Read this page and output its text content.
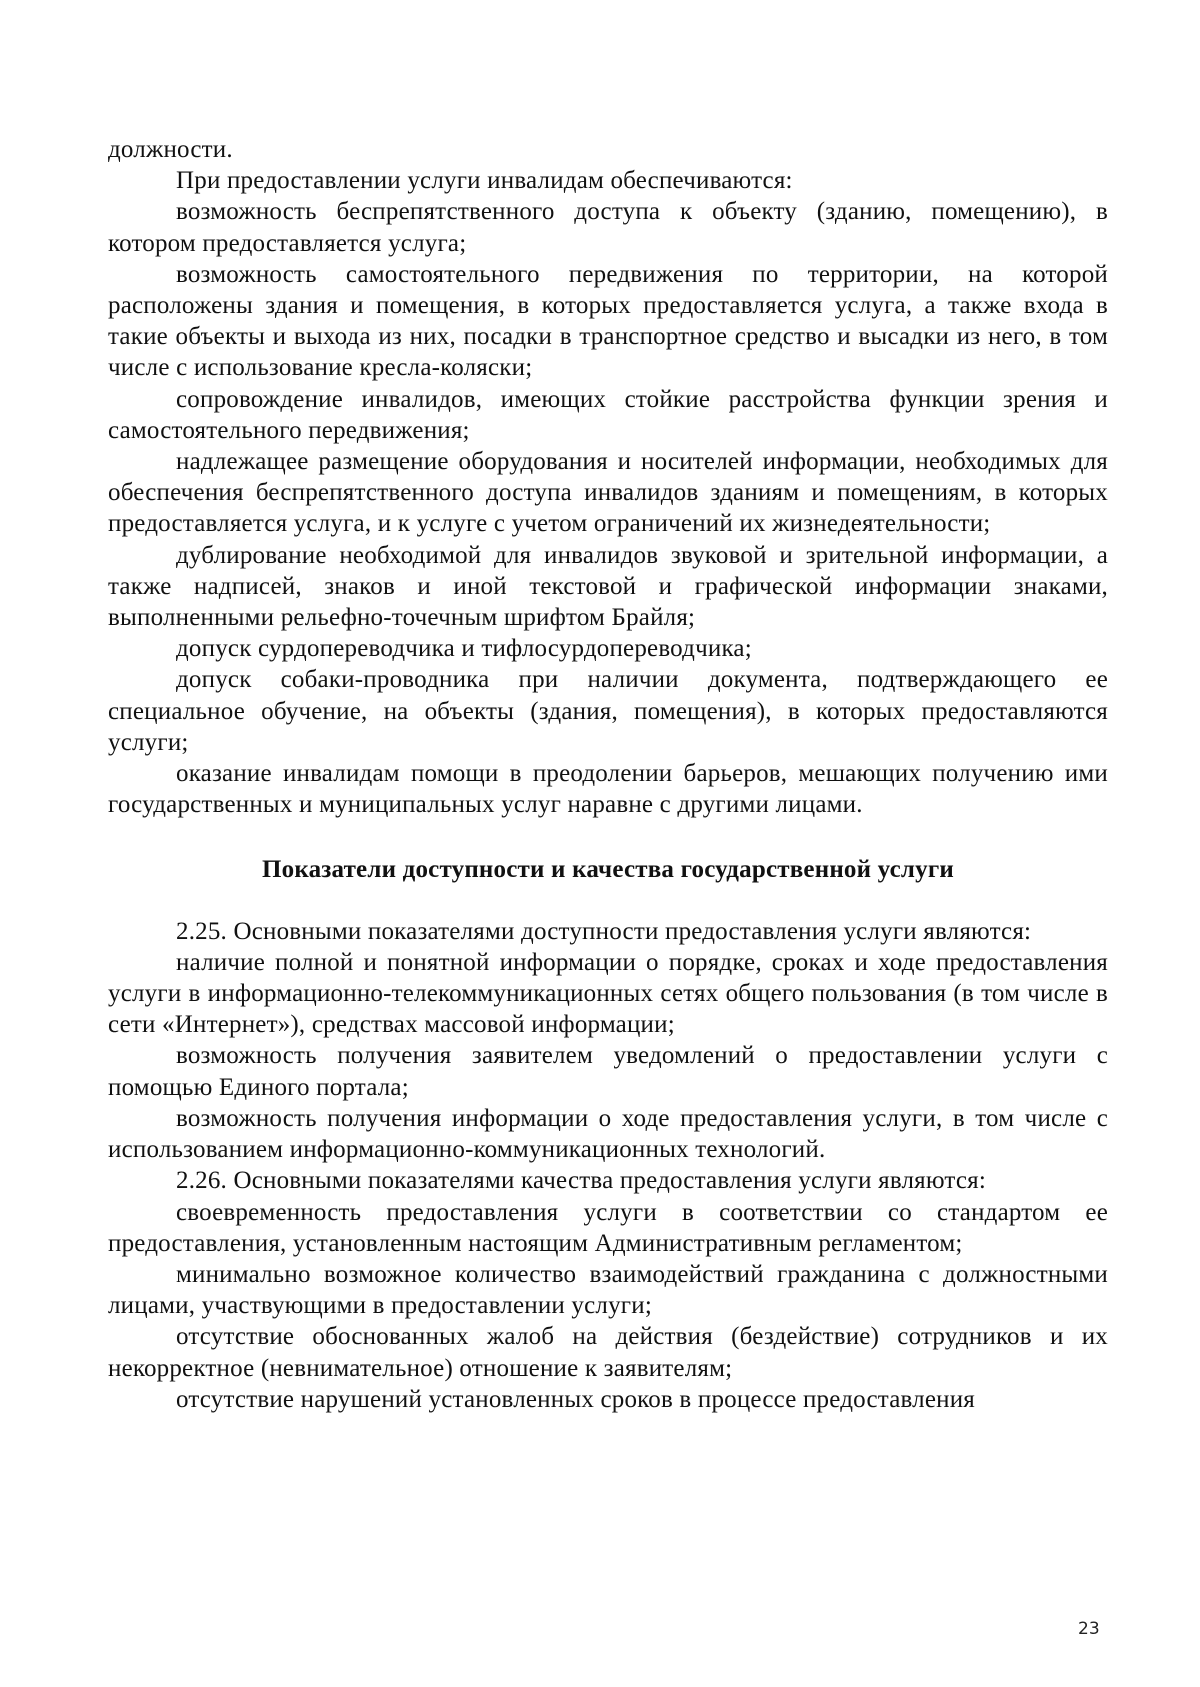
должности.

При предоставлении услуги инвалидам обеспечиваются:

возможность беспрепятственного доступа к объекту (зданию, помещению), в котором предоставляется услуга;

возможность самостоятельного передвижения по территории, на которой расположены здания и помещения, в которых предоставляется услуга, а также входа в такие объекты и выхода из них, посадки в транспортное средство и высадки из него, в том числе с использование кресла-коляски;

сопровождение инвалидов, имеющих стойкие расстройства функции зрения и самостоятельного передвижения;

надлежащее размещение оборудования и носителей информации, необходимых для обеспечения беспрепятственного доступа инвалидов зданиям и помещениям, в которых предоставляется услуга, и к услуге с учетом ограничений их жизнедеятельности;

дублирование необходимой для инвалидов звуковой и зрительной информации, а также надписей, знаков и иной текстовой и графической информации знаками, выполненными рельефно-точечным шрифтом Брайля;

допуск сурдопереводчика и тифлосурдопереводчика;

допуск собаки-проводника при наличии документа, подтверждающего ее специальное обучение, на объекты (здания, помещения), в которых предоставляются услуги;

оказание инвалидам помощи в преодолении барьеров, мешающих получению ими государственных и муниципальных услуг наравне с другими лицами.

Показатели доступности и качества государственной услуги

2.25. Основными показателями доступности предоставления услуги являются:

наличие полной и понятной информации о порядке, сроках и ходе предоставления услуги в информационно-телекоммуникационных сетях общего пользования (в том числе в сети «Интернет»), средствах массовой информации;

возможность получения заявителем уведомлений о предоставлении услуги с помощью Единого портала;

возможность получения информации о ходе предоставления услуги, в том числе с использованием информационно-коммуникационных технологий.

2.26. Основными показателями качества предоставления услуги являются:

своевременность предоставления услуги в соответствии со стандартом ее предоставления, установленным настоящим Административным регламентом;

минимально возможное количество взаимодействий гражданина с должностными лицами, участвующими в предоставлении услуги;

отсутствие обоснованных жалоб на действия (бездействие) сотрудников и их некорректное (невнимательное) отношение к заявителям;

отсутствие нарушений установленных сроков в процессе предоставления

23
